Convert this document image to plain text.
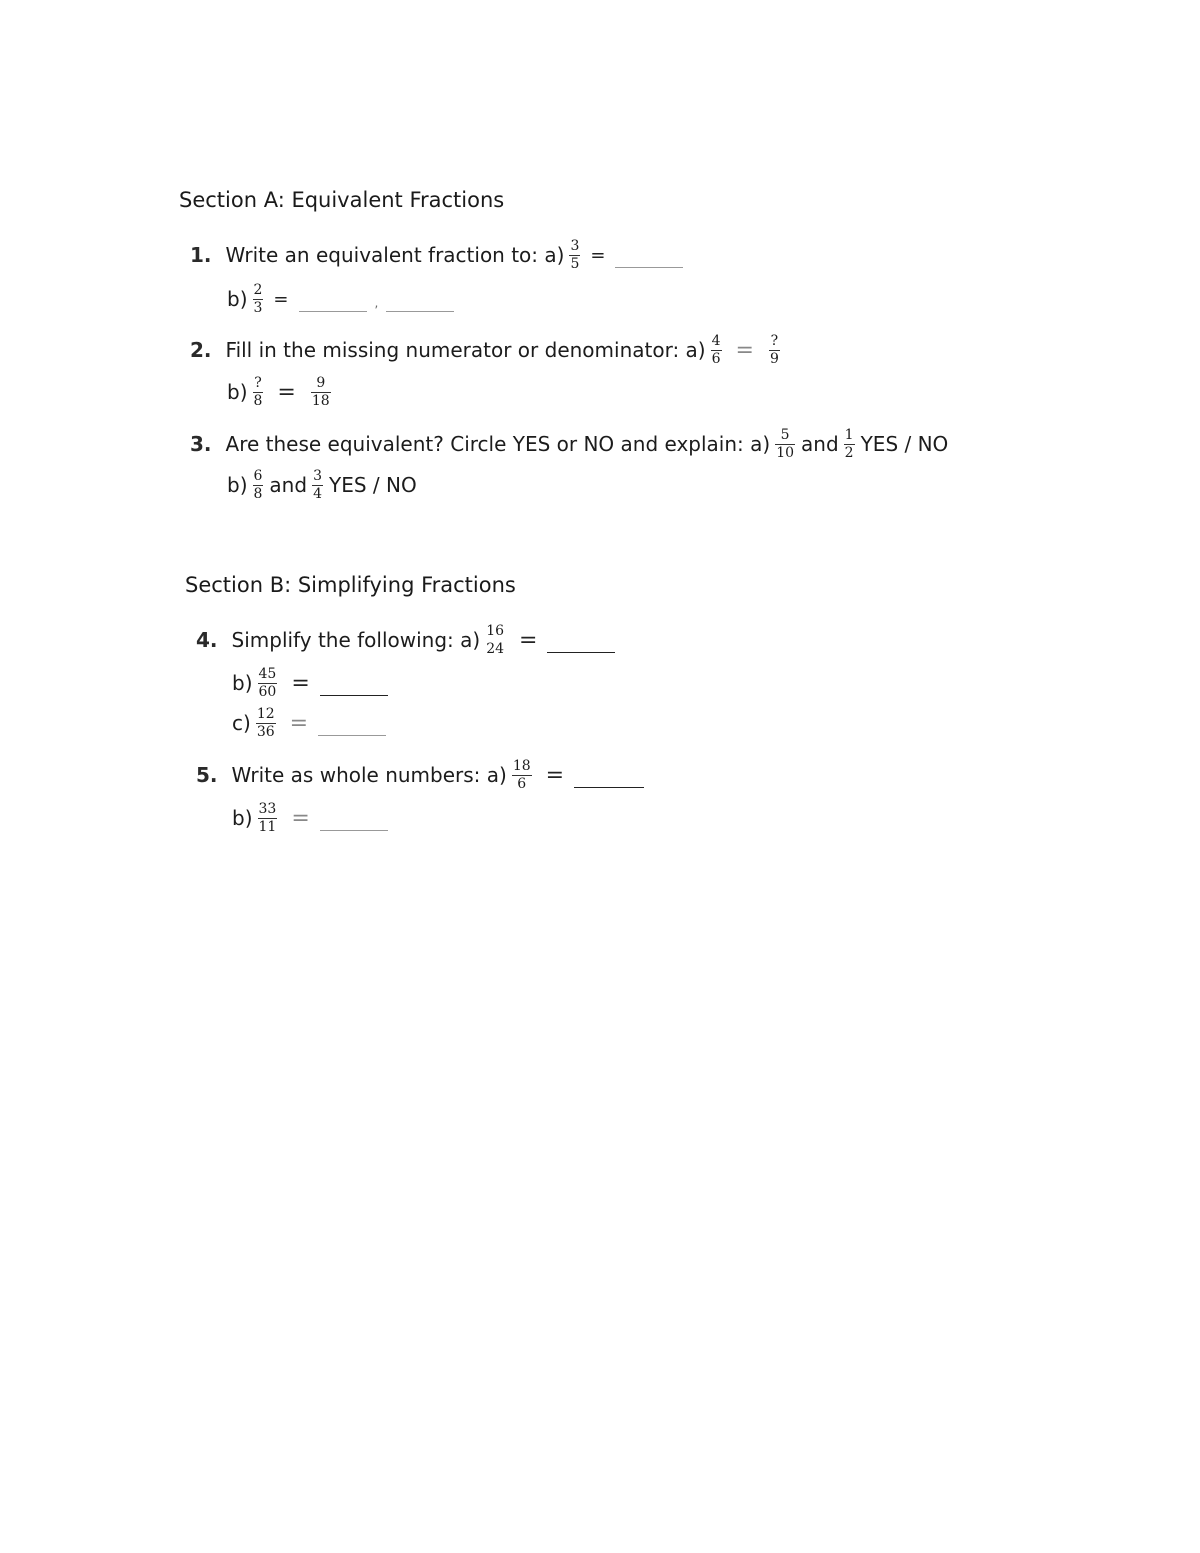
Section A: Equivalent Fractions
1. Write an equivalent fraction to: $a) \frac{3}{5}$ =
$b) \frac{2}{3}$ =	,
2. Fill in the missing numerator or denominator: $a) \frac{4}{6} = \frac{?}{9}$
$b) \frac{?}{8} = \frac{9}{18}$
3. Are these equivalent? Circle YES or NO and explain: $a) \frac{5}{10}$ and $\frac{1}{2}$ YES / NO
$b) \frac{6}{8}$ and $\frac{3}{4}$ YES / NO
Section B: Simplifying Fractions
4. Simplify the following: $a) \frac{16}{24}$ =
$b) \frac{45}{60}$ =
$c) \frac{12}{36}$ =
5. Write as whole numbers: $a) \frac{18}{6}$ =
$b) \frac{33}{11}$ =
